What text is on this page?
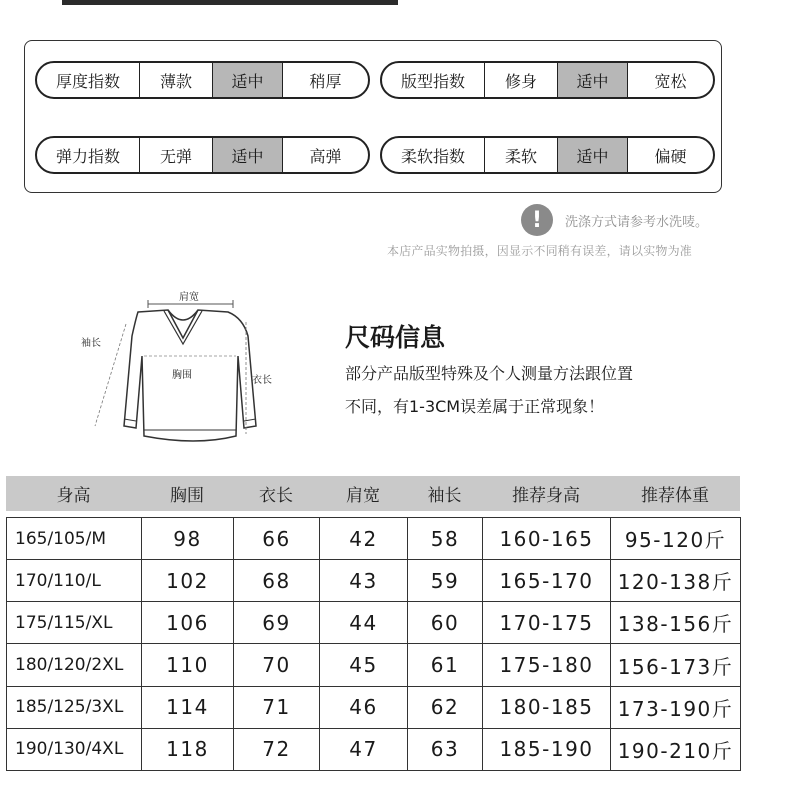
厚度指数	薄款	适中	稍厚	版型指数	修身	适中	宽松
弹力指数	无弹	适中	高弹	柔软指数	柔软	适中	偏硬
!	洗涤方式请参考水洗唛。
本店产品实物拍摄，因显示不同稍有误差，请以实物为准
肩宽
袖长
胸围	衣长
尺码信息
部分产品版型特殊及个人测量方法跟位置
不同，有1-3CM误差属于正常现象！
身高	胸围	衣长	肩宽	袖长	推荐身高	推荐体重
165/105/M	98	66	42	58	160-165	95-120斤
170/110/L	102	68	43	59	165-170	120-138斤
175/115/XL	106	69	44	60	170-175	138-156斤
180/120/2XL	110	70	45	61	175-180	156-173斤
185/125/3XL	114	71	46	62	180-185	173-190斤
190/130/4XL	118	72	47	63	185-190	190-210斤
